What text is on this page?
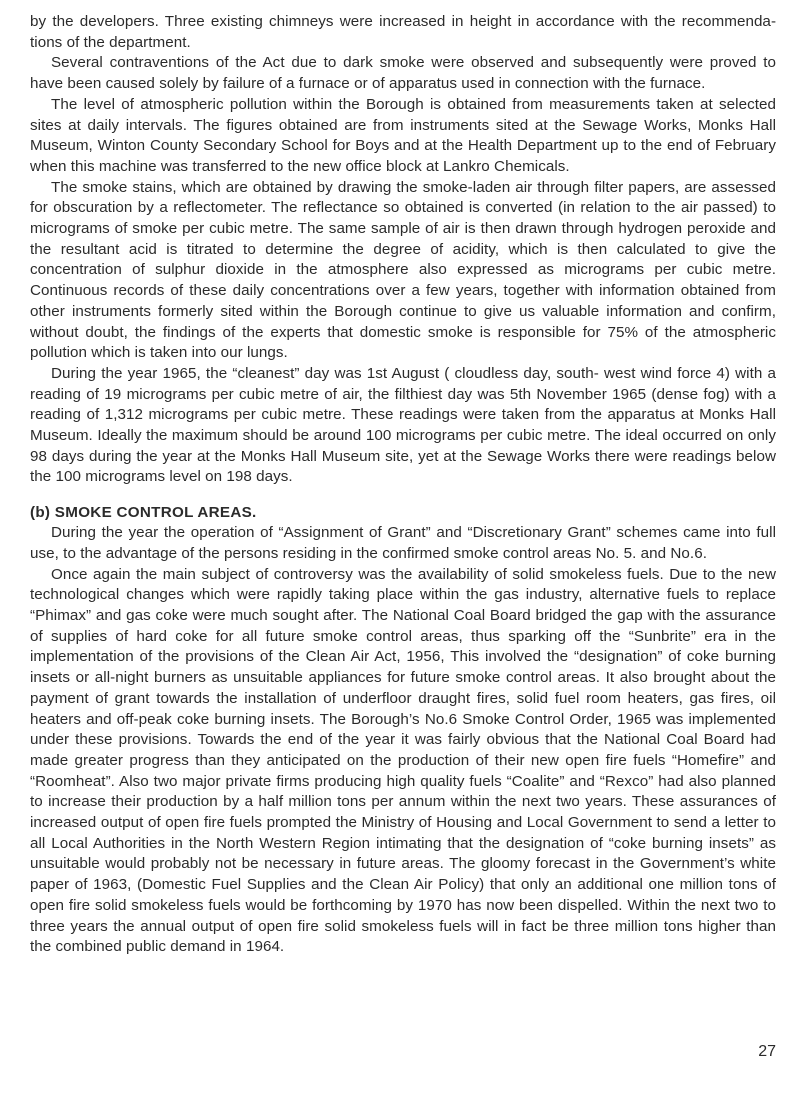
by the developers. Three existing chimneys were increased in height in accordance with the recommendations of the department.

Several contraventions of the Act due to dark smoke were observed and subsequently were proved to have been caused solely by failure of a furnace or of apparatus used in connection with the furnace.

The level of atmospheric pollution within the Borough is obtained from measurements taken at selected sites at daily intervals. The figures obtained are from instruments sited at the Sewage Works, Monks Hall Museum, Winton County Secondary School for Boys and at the Health Department up to the end of February when this machine was transferred to the new office block at Lankro Chemicals.

The smoke stains, which are obtained by drawing the smoke-laden air through filter papers, are assessed for obscuration by a reflectometer. The reflectance so obtained is converted (in relation to the air passed) to micrograms of smoke per cubic metre. The same sample of air is then drawn through hydrogen peroxide and the resultant acid is titrated to determine the degree of acidity, which is then calculated to give the concentration of sulphur dioxide in the atmosphere also expressed as micrograms per cubic metre. Continuous records of these daily concentrations over a few years, together with information obtained from other instruments formerly sited within the Borough continue to give us valuable information and confirm, without doubt, the findings of the experts that domestic smoke is responsible for 75% of the atmospheric pollution which is taken into our lungs.

During the year 1965, the “cleanest” day was 1st August ( cloudless day, south- west wind force 4) with a reading of 19 micrograms per cubic metre of air, the filthiest day was 5th November 1965 (dense fog) with a reading of 1,312 micrograms per cubic metre. These readings were taken from the apparatus at Monks Hall Museum. Ideally the maximum should be around 100 micrograms per cubic metre. The ideal occurred on only 98 days during the year at the Monks Hall Museum site, yet at the Sewage Works there were readings below the 100 micrograms level on 198 days.

(b) SMOKE CONTROL AREAS.

During the year the operation of “Assignment of Grant” and “Discretionary Grant” schemes came into full use, to the advantage of the persons residing in the confirmed smoke control areas No. 5. and No.6.

Once again the main subject of controversy was the availability of solid smokeless fuels. Due to the new technological changes which were rapidly taking place within the gas industry, alternative fuels to replace “Phimax” and gas coke were much sought after. The National Coal Board bridged the gap with the assurance of supplies of hard coke for all future smoke control areas, thus sparking off the “Sunbrite” era in the implementation of the provisions of the Clean Air Act, 1956, This involved the “designation” of coke burning insets or all-night burners as unsuitable appliances for future smoke control areas. It also brought about the payment of grant towards the installation of underfloor draught fires, solid fuel room heaters, gas fires, oil heaters and off-peak coke burning insets. The Borough’s No.6 Smoke Control Order, 1965 was implemented under these provisions. Towards the end of the year it was fairly obvious that the National Coal Board had made greater progress than they anticipated on the production of their new open fire fuels “Homefire” and “Roomheat”. Also two major private firms producing high quality fuels “Coalite” and “Rexco” had also planned to increase their production by a half million tons per annum within the next two years. These assurances of increased output of open fire fuels prompted the Ministry of Housing and Local Government to send a letter to all Local Authorities in the North Western Region intimating that the designation of “coke burning insets” as unsuitable would probably not be necessary in future areas. The gloomy forecast in the Government’s white paper of 1963, (Domestic Fuel Supplies and the Clean Air Policy) that only an additional one million tons of open fire solid smokeless fuels would be forthcoming by 1970 has now been dispelled. Within the next two to three years the annual output of open fire solid smokeless fuels will in fact be three million tons higher than the combined public demand in 1964.

27
